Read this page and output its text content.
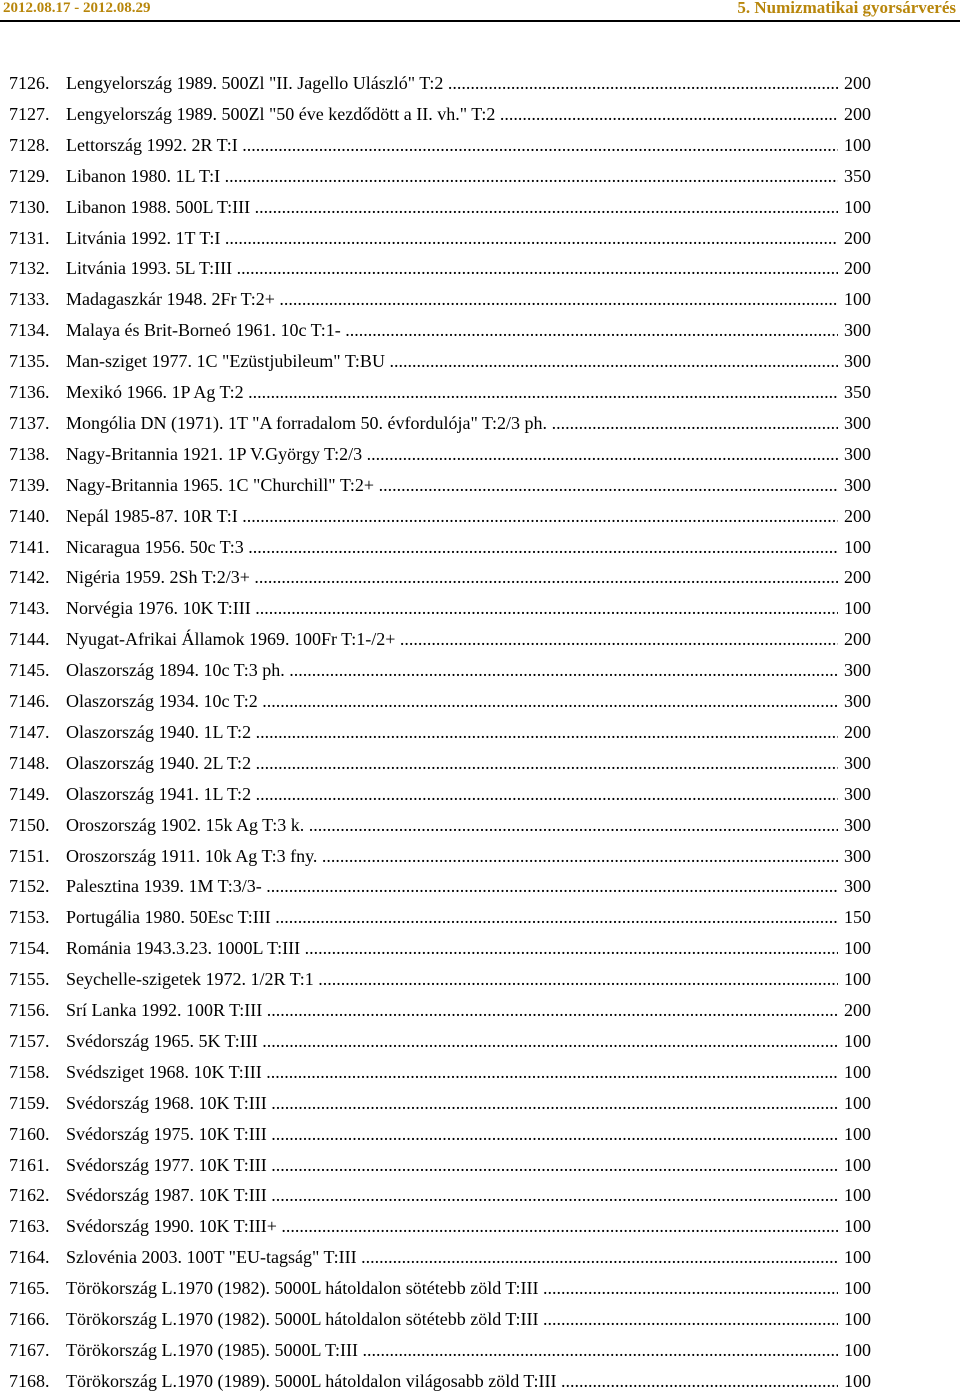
2012.08.17 - 2012.08.29	5. Numizmatikai gyorsárverés
7126. Lengyelország 1989. 500Zl "II. Jagello Ulászló" T:2 .....	200
7127. Lengyelország 1989. 500Zl "50 éve kezdődött a II. vh." T:2 .....	200
7128. Lettország 1992. 2R T:I .....	100
7129. Libanon 1980. 1L T:I .....	350
7130. Libanon 1988. 500L T:III .....	100
7131. Litvánia 1992. 1T T:I .....	200
7132. Litvánia 1993. 5L T:III .....	200
7133. Madagaszkár 1948. 2Fr T:2+ .....	100
7134. Malaya és Brit-Borneó 1961. 10c T:1- .....	300
7135. Man-sziget 1977. 1C "Ezüstjubileum" T:BU .....	300
7136. Mexikó 1966. 1P Ag T:2 .....	350
7137. Mongólia DN (1971). 1T "A forradalom 50. évfordulója" T:2/3 ph. .....	300
7138. Nagy-Britannia 1921. 1P V.György T:2/3 .....	300
7139. Nagy-Britannia 1965. 1C "Churchill" T:2+ .....	300
7140. Nepál 1985-87. 10R T:I .....	200
7141. Nicaragua 1956. 50c T:3 .....	100
7142. Nigéria 1959. 2Sh T:2/3+ .....	200
7143. Norvégia 1976. 10K T:III .....	100
7144. Nyugat-Afrikai Államok 1969. 100Fr T:1-/2+ .....	200
7145. Olaszország 1894. 10c T:3 ph. .....	300
7146. Olaszország 1934. 10c T:2 .....	300
7147. Olaszország 1940. 1L T:2 .....	200
7148. Olaszország 1940. 2L T:2 .....	300
7149. Olaszország 1941. 1L T:2 .....	300
7150. Oroszország 1902. 15k Ag T:3 k. .....	300
7151. Oroszország 1911. 10k Ag T:3 fny. .....	300
7152. Palesztina 1939. 1M T:3/3- .....	300
7153. Portugália 1980. 50Esc T:III .....	150
7154. Románia 1943.3.23. 1000L T:III .....	100
7155. Seychelle-szigetek 1972. 1/2R T:1 .....	100
7156. Srí Lanka 1992. 100R T:III .....	200
7157. Svédország 1965. 5K T:III .....	100
7158. Svédsziget 1968. 10K T:III .....	100
7159. Svédország 1968. 10K T:III .....	100
7160. Svédország 1975. 10K T:III .....	100
7161. Svédország 1977. 10K T:III .....	100
7162. Svédország 1987. 10K T:III .....	100
7163. Svédország 1990. 10K T:III+ .....	100
7164. Szlovénia 2003. 100T "EU-tagság" T:III .....	100
7165. Törökország L.1970 (1982). 5000L hátoldalon sötétebb zöld T:III .....	100
7166. Törökország L.1970 (1982). 5000L hátoldalon sötétebb zöld T:III .....	100
7167. Törökország L.1970 (1985). 5000L T:III .....	100
7168. Törökország L.1970 (1989). 5000L hátoldalon világosabb zöld T:III .....	100
